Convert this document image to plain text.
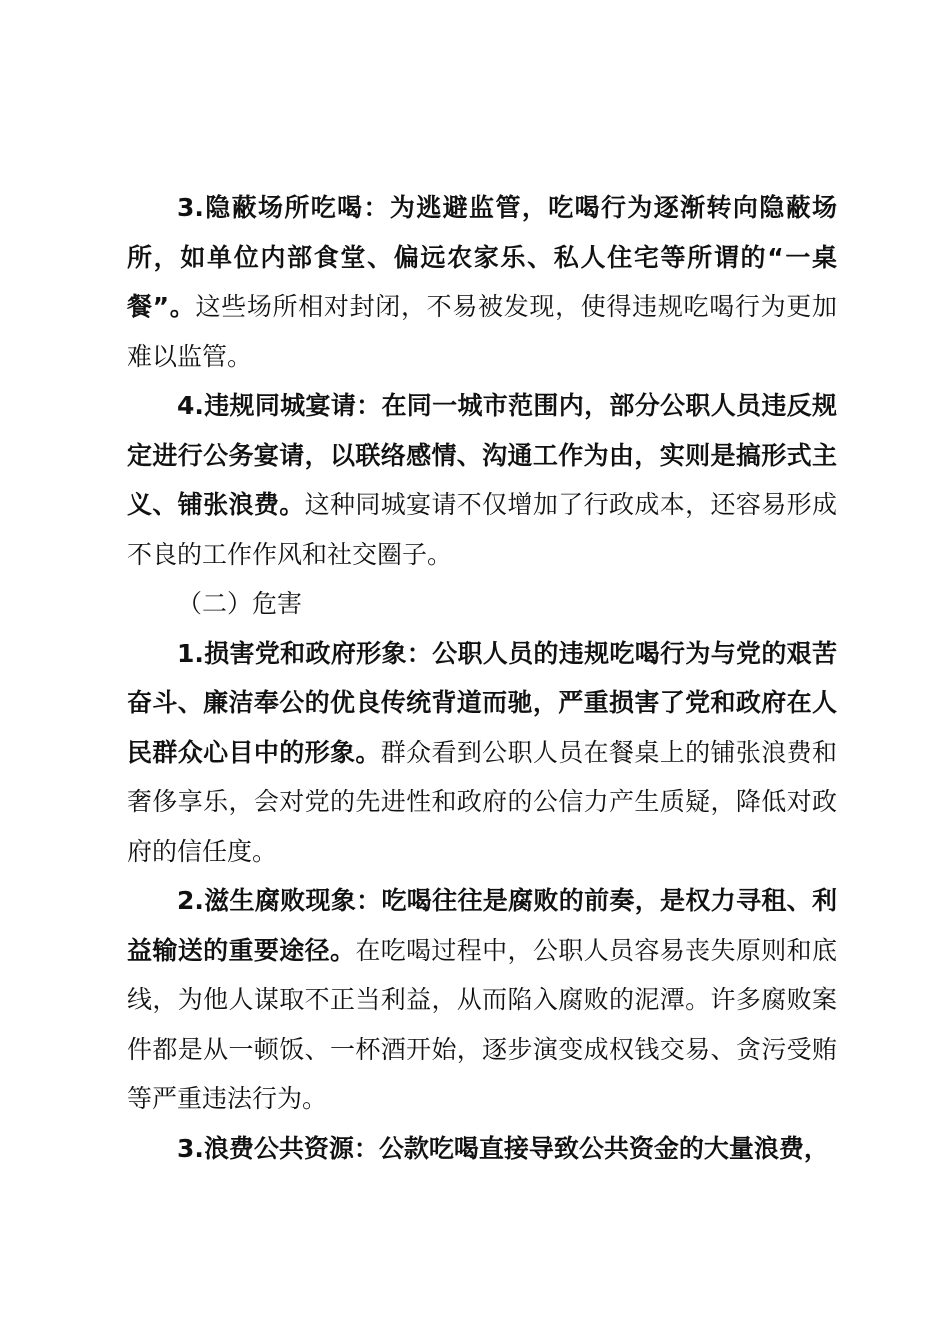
3.隐蔽场所吃喝：为逃避监管，吃喝行为逐渐转向隐蔽场所，如单位内部食堂、偏远农家乐、私人住宅等所谓的“一桌餐”。这些场所相对封闭，不易被发现，使得违规吃喝行为更加难以监管。

4.违规同城宴请：在同一城市范围内，部分公职人员违反规定进行公务宴请，以联络感情、沟通工作为由，实则是搞形式主义、铺张浪费。这种同城宴请不仅增加了行政成本，还容易形成不良的工作作风和社交圈子。

（二）危害

1.损害党和政府形象：公职人员的违规吃喝行为与党的艰苦奋斗、廉洁奉公的优良传统背道而驰，严重损害了党和政府在人民群众心目中的形象。群众看到公职人员在餐桌上的铺张浪费和奢侈享乐，会对党的先进性和政府的公信力产生质疑，降低对政府的信任度。

2.滋生腐败现象：吃喝往往是腐败的前奏，是权力寻租、利益输送的重要途径。在吃喝过程中，公职人员容易丧失原则和底线，为他人谋取不正当利益，从而陷入腐败的泥潭。许多腐败案件都是从一顿饭、一杯酒开始，逐步演变成权钱交易、贪污受贿等严重违法行为。

3.浪费公共资源：公款吃喝直接导致公共资金的大量浪费，
